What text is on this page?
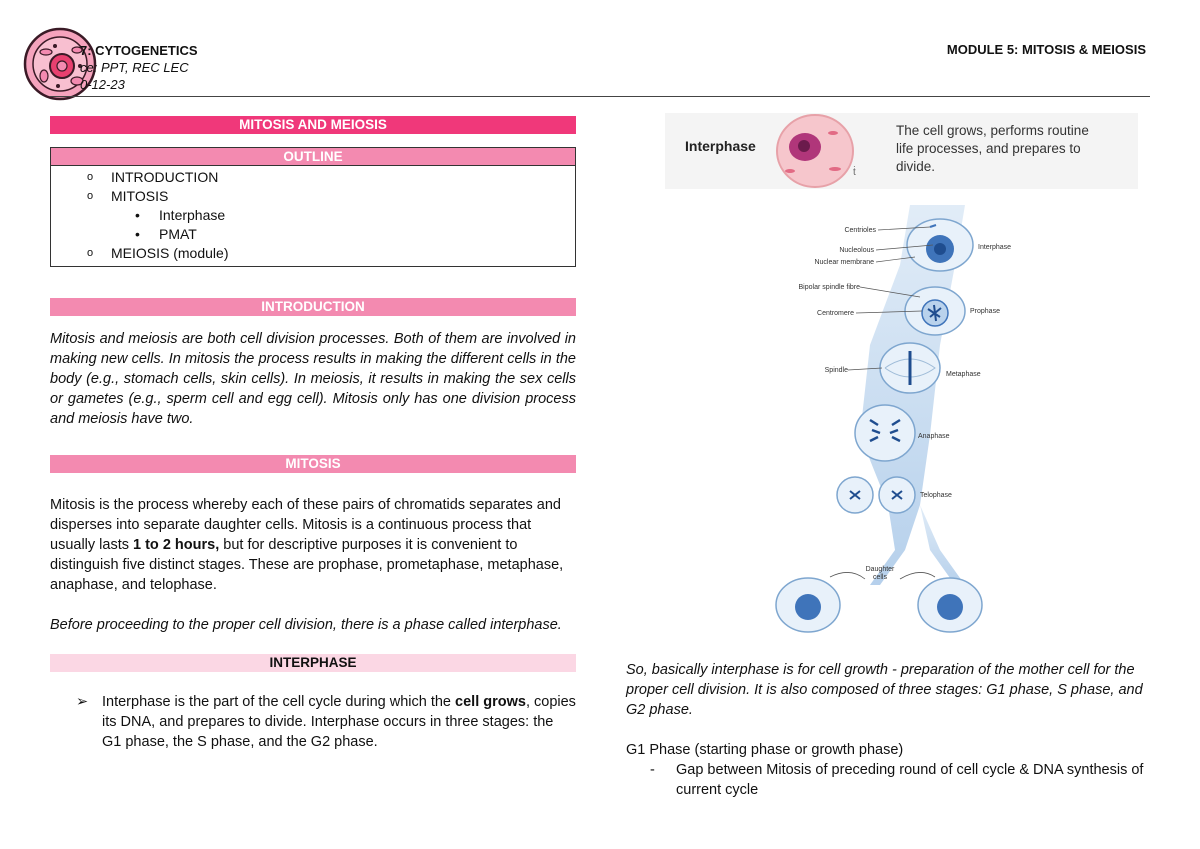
7: CYTOGENETICS
ce: PPT, REC LEC
0-12-23
MODULE 5: MITOSIS & MEIOSIS
MITOSIS AND MEIOSIS
OUTLINE
o	INTRODUCTION
o	MITOSIS
•	Interphase
•	PMAT
o	MEIOSIS (module)
INTRODUCTION

Mitosis and meiosis are both cell division processes. Both of them are involved in making new cells. In mitosis the process results in making the different cells in the body (e.g., stomach cells, skin cells). In meiosis, it results in making the sex cells or gametes (e.g., sperm cell and egg cell). Mitosis only has one division process and meiosis have two.

MITOSIS

Mitosis is the process whereby each of these pairs of chromatids separates and disperses into separate daughter cells. Mitosis is a continuous process that usually lasts 1 to 2 hours, but for descriptive purposes it is convenient to distinguish five distinct stages. These are prophase, prometaphase, metaphase, anaphase, and telophase.

Before proceeding to the proper cell division, there is a phase called interphase.

INTERPHASE
➢ Interphase is the part of the cell cycle during which the cell grows, copies its DNA, and prepares to divide. Interphase occurs in three stages: the G1 phase, the S phase, and the G2 phase.
Interphase
ṫ
The cell grows, performs routine
life processes, and prepares to
divide.
Centrioles
Nucleolous
Nuclear membrane
Bipolar spindle fibre
Centromere
Spindle
Interphase
Prophase
Metaphase
Anaphase
Telophase
Daughter
cells

So, basically interphase is for cell growth - preparation of the mother cell for the proper cell division. It is also composed of three stages: G1 phase, S phase, and G2 phase.

G1 Phase (starting phase or growth phase)

-	Gap between Mitosis of preceding round of cell cycle & DNA synthesis of current cycle
